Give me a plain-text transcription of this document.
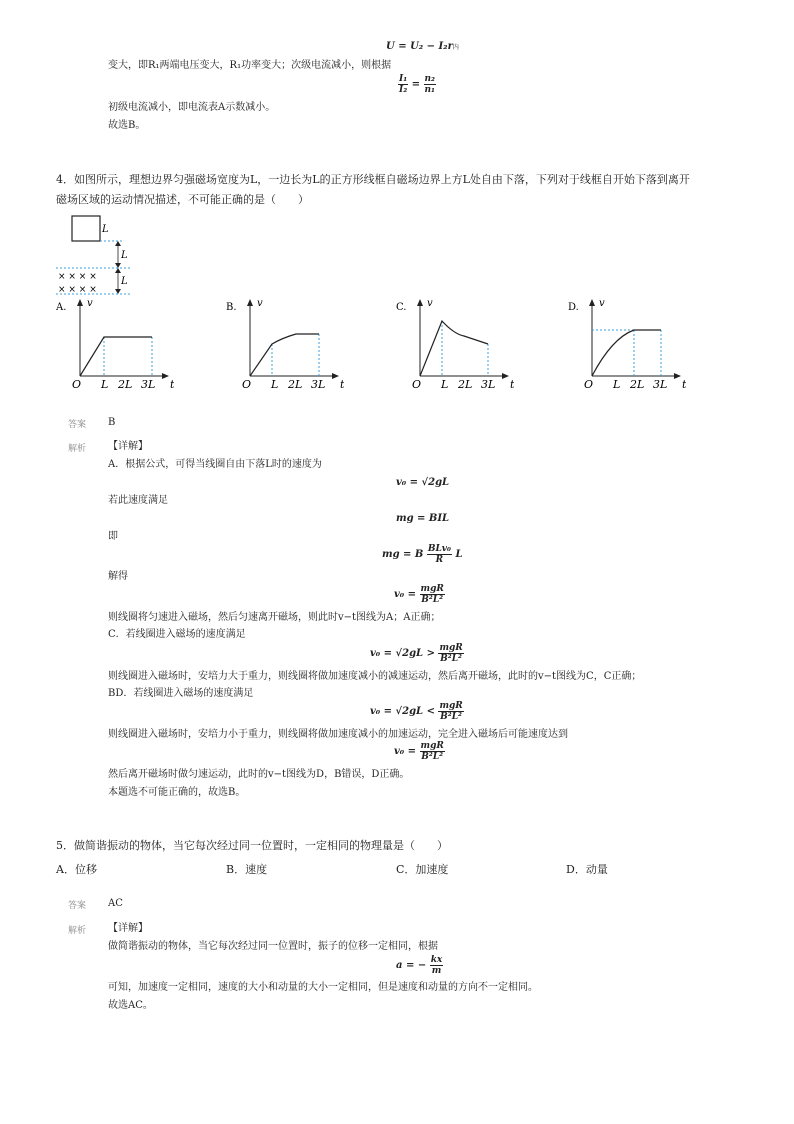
U = U₂ − I₂r内
变大，即R₁两端电压变大，R₁功率变大；次级电流减小，则根据
$\frac{\text{I₁}}{\text{I₂}} = \frac{\text{n₂}}{\text{n₁}}$
初级电流减小，即电流表A示数减小。
故选B。
4．如图所示，理想边界匀强磁场宽度为L，一边长为L的正方形线框自磁场边界上方L处自由下落，下列对于线框自开始下落到离开
磁场区域的运动情况描述，不可能正确的是（　　）
L
L
L
× × × ×
× × × ×
A. v
t
O L 2L 3L
B. v
t
O L 2L 3L
C. v
t
O L 2L 3L
D. v
t
O L 2L 3L
答案 B
解析 【详解】
A．根据公式，可得当线圈自由下落L时的速度为
v₀ = √2gL
若此速度满足
mg = BIL
即
mg = B $\frac{\text{BLv₀}}{R}$ L
解得
$v_0 = \frac{\text{mgR}}{\text{B²L²}}$
则线圈将匀速进入磁场，然后匀速离开磁场，则此时v−t图线为A；A正确；
C．若线圈进入磁场的速度满足
$v_0 = √2gL > \frac{\text{mgR}}{\text{B²L²}}$
则线圈进入磁场时，安培力大于重力，则线圈将做加速度减小的减速运动，然后离开磁场，此时的v−t图线为C，C正确；
BD．若线圈进入磁场的速度满足
$v_0 = √2gL < \frac{\text{mgR}}{\text{B²L²}}$
则线圈进入磁场时，安培力小于重力，则线圈将做加速度减小的加速运动，完全进入磁场后可能速度达到
$v_0 = \frac{\text{mgR}}{\text{B²L²}}$
然后离开磁场时做匀速运动，此时的v−t图线为D，B错误，D正确。
本题选不可能正确的，故选B。
5．做简谐振动的物体，当它每次经过同一位置时，一定相同的物理量是（　　）
A．位移	B．速度	C．加速度	D．动量
答案 AC
解析 【详解】
做简谐振动的物体，当它每次经过同一位置时，振子的位移一定相同，根据
a = − $\frac{kx}{m}$
可知，加速度一定相同，速度的大小和动量的大小一定相同，但是速度和动量的方向不一定相同。
故选AC。
